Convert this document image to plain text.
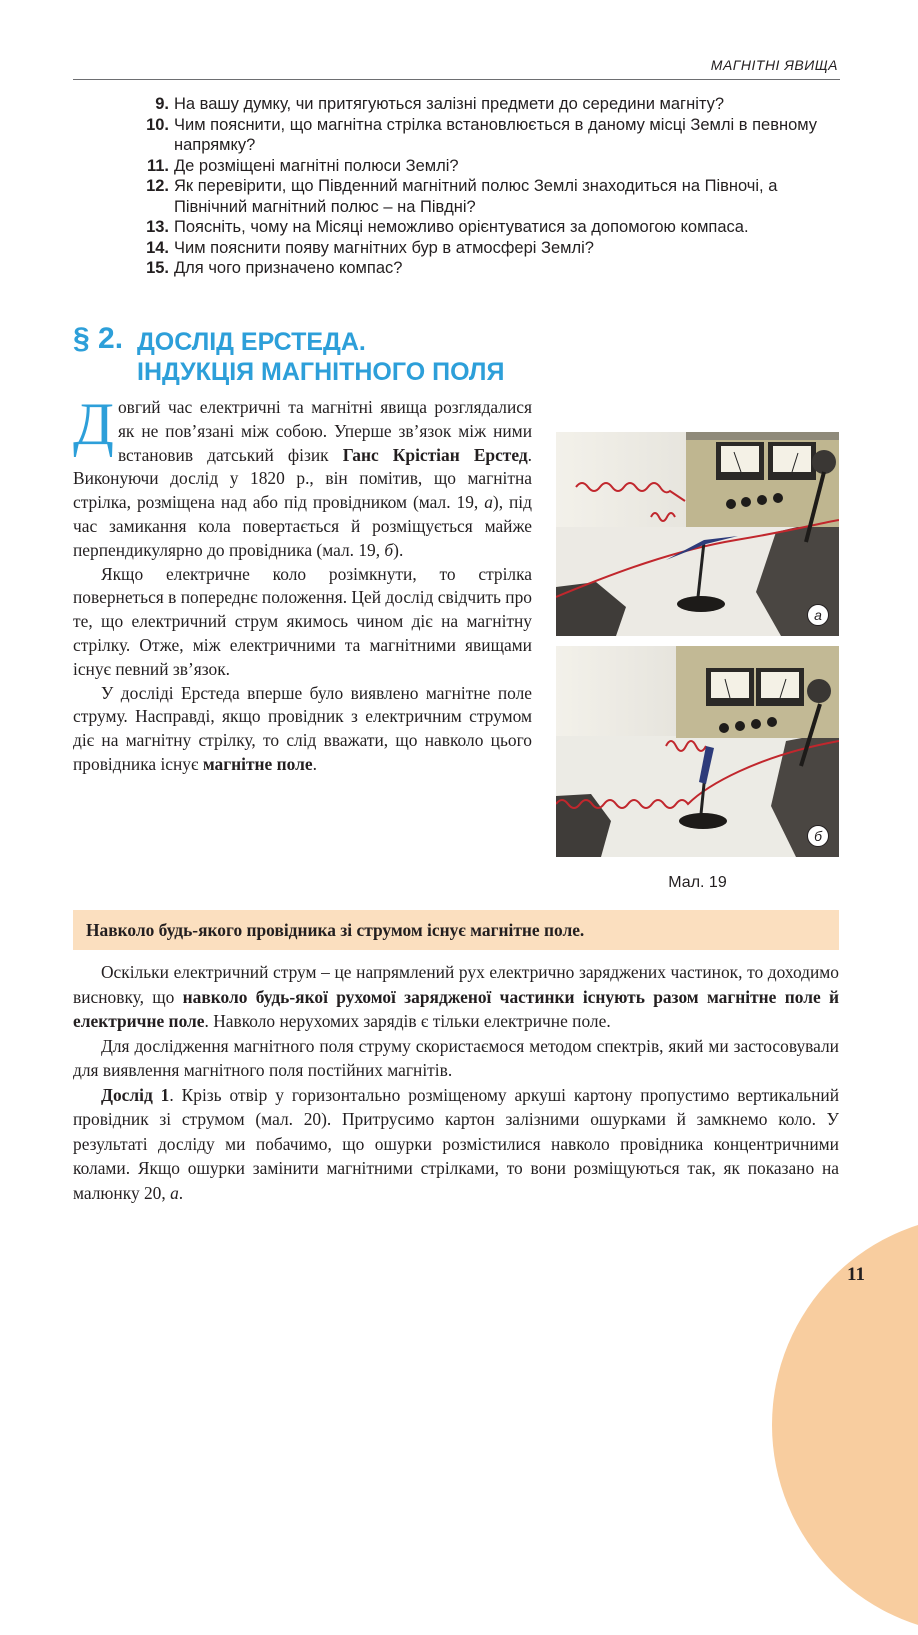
МАГНІТНІ ЯВИЩА
9. На вашу думку, чи притягуються залізні предмети до середини магніту?
10. Чим пояснити, що магнітна стрілка встановлюється в даному місці Землі в певному напрямку?
11. Де розміщені магнітні полюси Землі?
12. Як перевірити, що Південний магнітний полюс Землі знаходиться на Півночі, а Північний магнітний полюс – на Півдні?
13. Поясніть, чому на Місяці неможливо орієнтуватися за допомогою компаса.
14. Чим пояснити появу магнітних бур в атмосфері Землі?
15. Для чого призначено компас?
§ 2. ДОСЛІД ЕРСТЕДА.
ІНДУКЦІЯ МАГНІТНОГО ПОЛЯ

Довгий час електричні та магнітні явища розглядалися як не пов’язані між собою. Уперше зв’язок між ними встановив датський фізик Ганс Крістіан Ерстед. Виконуючи дослід у 1820 р., він помітив, що магнітна стрілка, розміщена над або під провідником (мал. 19, а), під час замикання кола повертається й розміщується майже перпендикулярно до провідника (мал. 19, б).

Якщо електричне коло розімкнути, то стрілка повернеться в попереднє положення. Цей дослід свідчить про те, що електричний струм якимось чином діє на магнітну стрілку. Отже, між електричними та магнітними явищами існує певний зв’язок.

У досліді Ерстеда вперше було виявлено магнітне поле струму. Насправді, якщо провідник з електричним струмом діє на магнітну стрілку, то слід вважати, що навколо цього провідника існує магнітне поле.

а
б
Мал. 19
Навколо будь-якого провідника зі струмом існує магнітне поле.

Оскільки електричний струм – це напрямлений рух електрично заряджених частинок, то доходимо висновку, що навколо будь-якої рухомої зарядженої частинки існують разом магнітне поле й електричне поле. Навколо нерухомих зарядів є тільки електричне поле.

Для дослідження магнітного поля струму скористаємося методом спектрів, який ми застосовували для виявлення магнітного поля постійних магнітів.

Дослід 1. Крізь отвір у горизонтально розміщеному аркуші картону пропустимо вертикальний провідник зі струмом (мал. 20). Притрусимо картон залізними ошурками й замкнемо коло. У результаті досліду ми побачимо, що ошурки розмістилися навколо провідника концентричними колами. Якщо ошурки замінити магнітними стрілками, то вони розміщуються так, як показано на малюнку 20, а.

11
